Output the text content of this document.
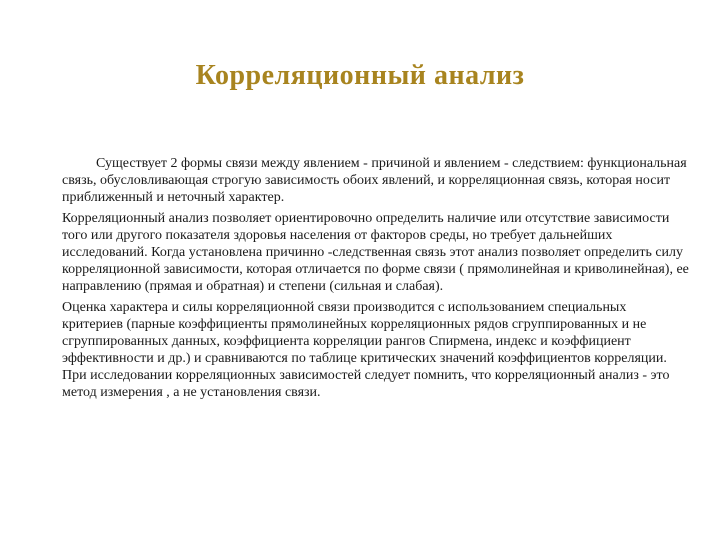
Корреляционный анализ

Существует 2 формы связи между явлением - причиной и явлением - следствием: функциональная связь, обусловливающая строгую зависимость обоих явлений, и корреляционная связь, которая носит приближенный и неточный характер.

Корреляционный анализ позволяет ориентировочно определить наличие или отсутствие зависимости того или другого показателя здоровья населения от факторов среды, но требует дальнейших исследований. Когда установлена причинно -следственная связь этот анализ позволяет определить силу корреляционной зависимости, которая отличается по форме связи ( прямолинейная и криволинейная), ее направлению (прямая и обратная) и степени (сильная и слабая).

Оценка характера и силы корреляционной связи производится с использованием специальных критериев (парные коэффициенты прямолинейных корреляционных рядов сгруппированных и не сгруппированных данных, коэффициента корреляции рангов Спирмена, индекс и коэффициент эффективности и др.) и сравниваются по таблице критических значений коэффициентов корреляции. При исследовании корреляционных зависимостей следует помнить, что корреляционный анализ - это метод измерения , а не установления связи.
